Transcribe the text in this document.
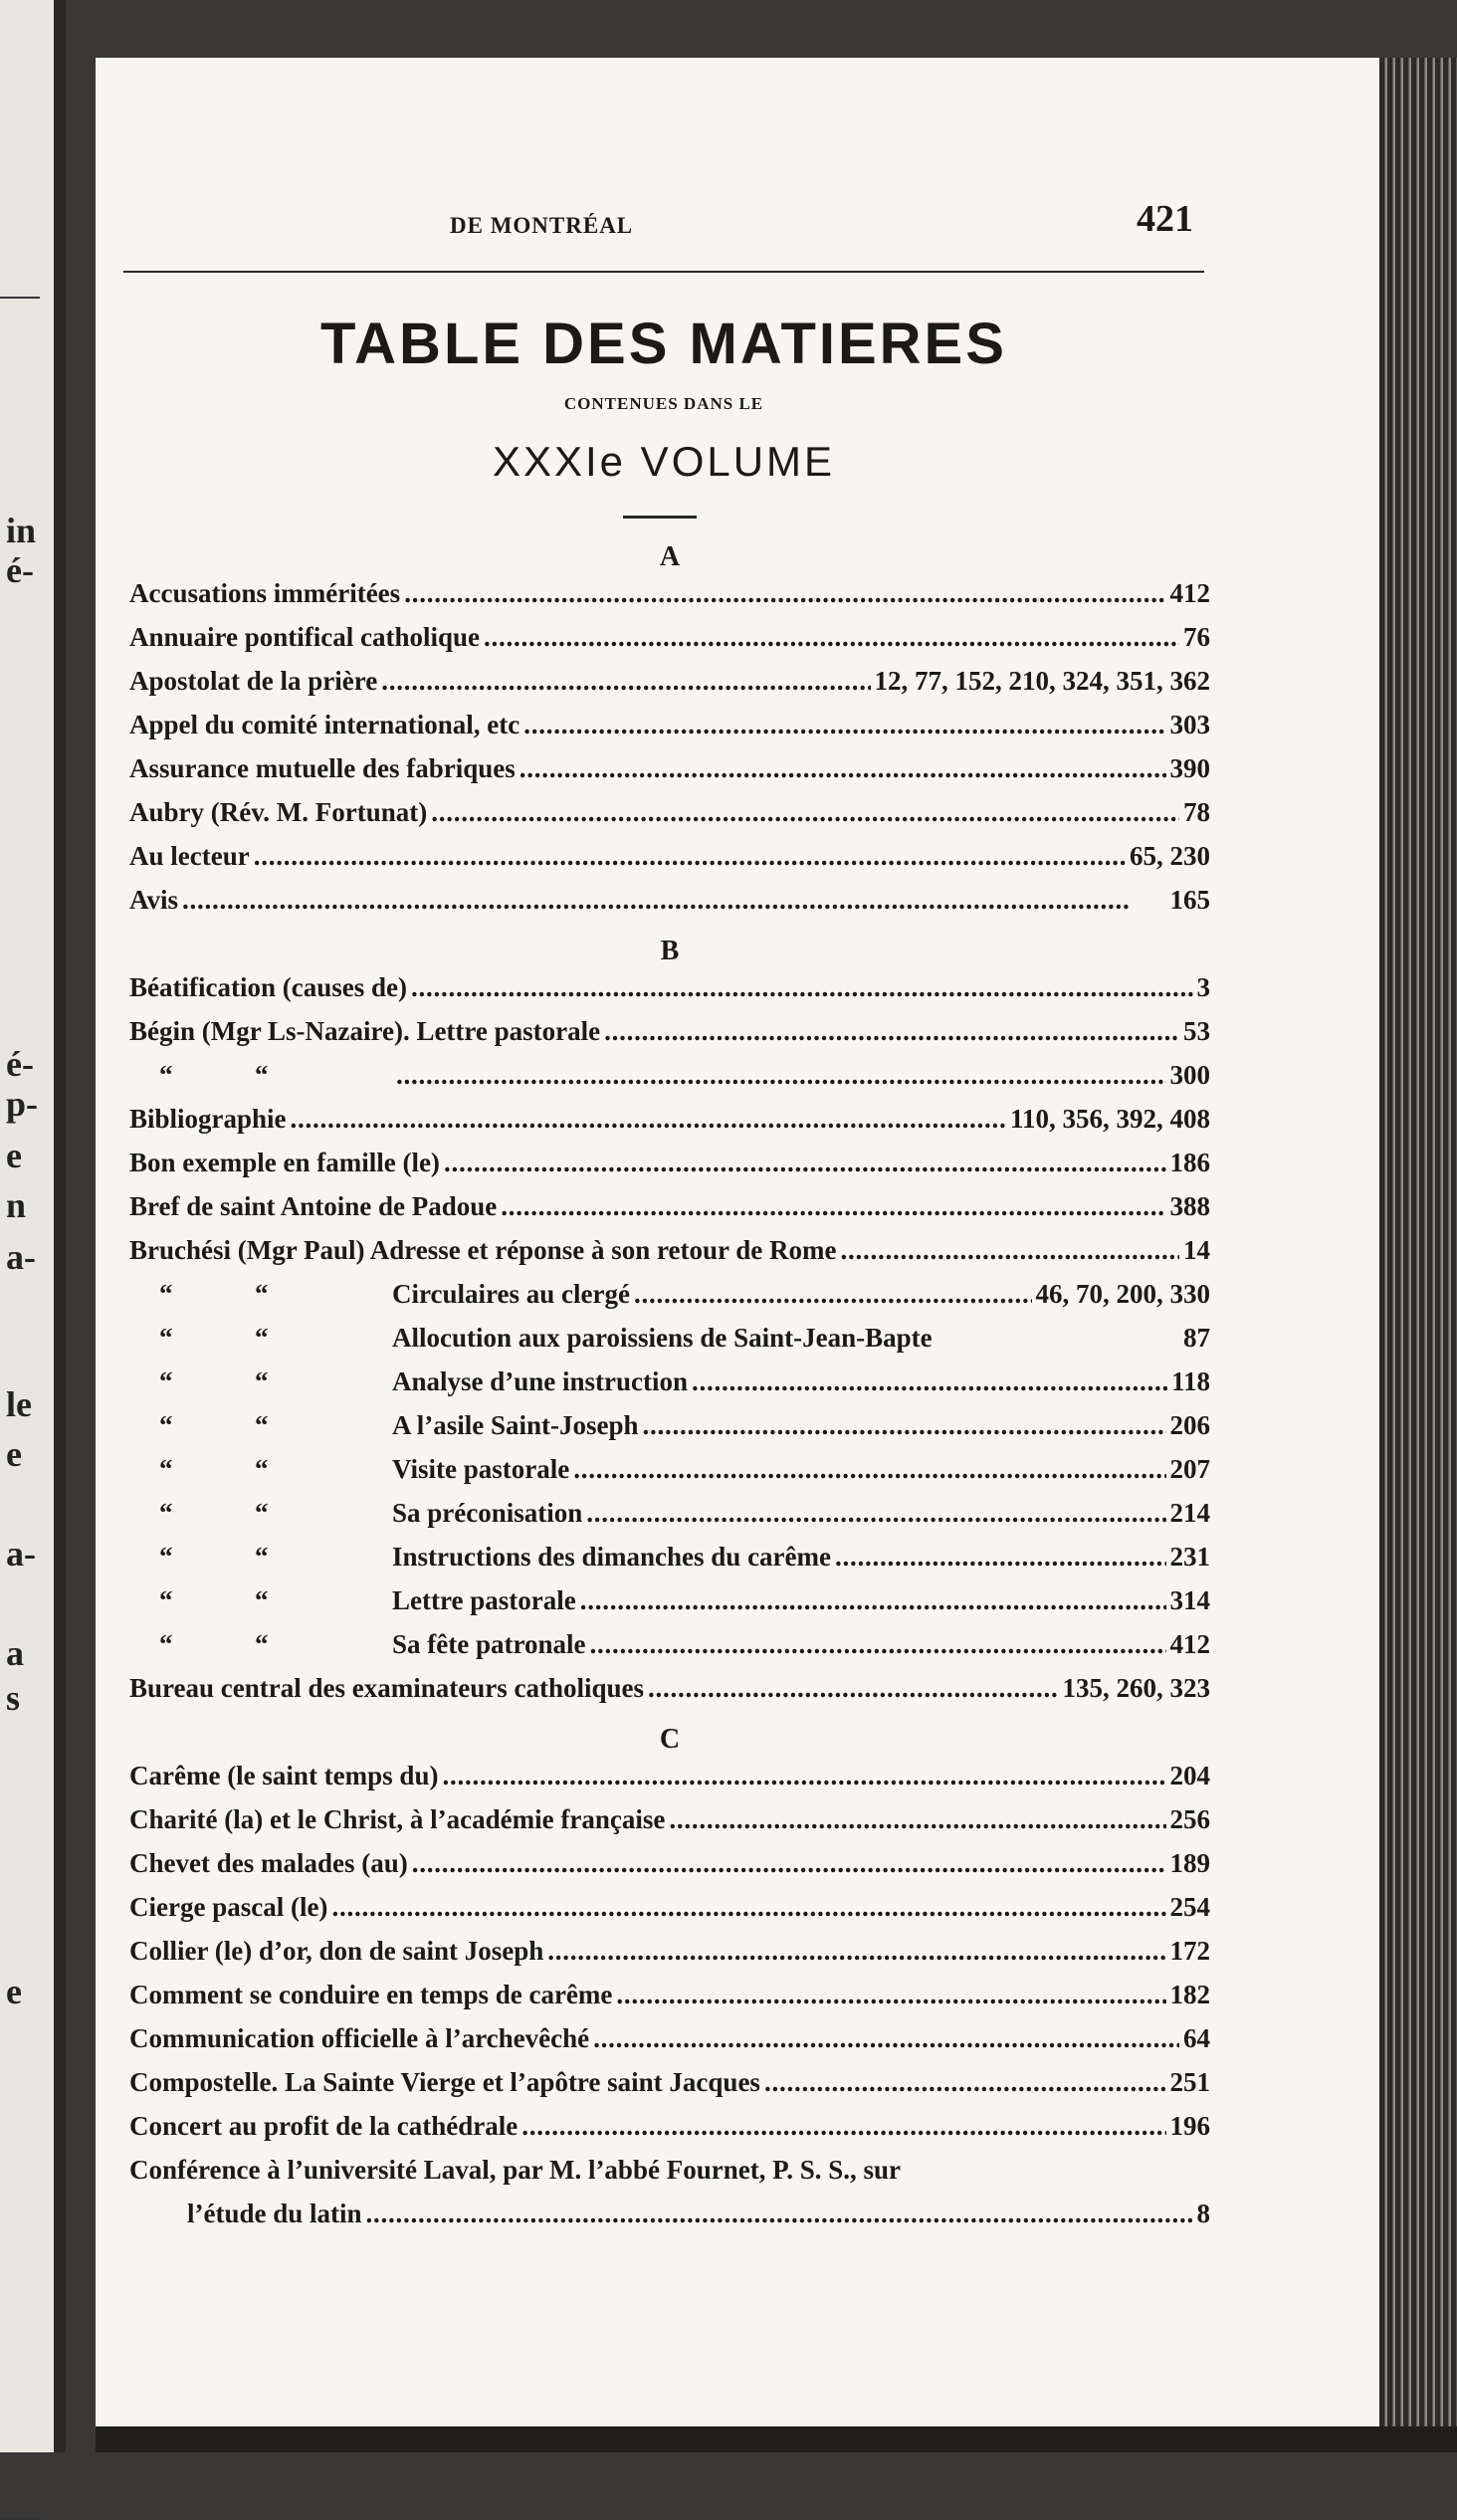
in
é-
é-
p-
e
n
a-
le
e
a-
a
s
e
DE MONTRÉAL	421
TABLE DES MATIERES
CONTENUES DANS LE
XXXIe VOLUME
A
Accusations imméritées . . .	412
Annuaire pontifical catholique . . .	76
Apostolat de la prière . . .	12, 77, 152, 210, 324, 351, 362
Appel du comité international, etc . . .	303
Assurance mutuelle des fabriques . . .	390
Aubry (Rév. M. Fortunat) . . .	78
Au lecteur . . .	65, 230
Avis . . .	165
B
Béatification (causes de) . . .	3
Bégin (Mgr Ls-Nazaire). Lettre pastorale . . .	53
“	“ . . .	300
Bibliographie . . .	110, 356, 392, 408
Bon exemple en famille (le) . . .	186
Bref de saint Antoine de Padoue . . .	388
Bruchési (Mgr Paul) Adresse et réponse à son retour de Rome . . .	14
“	“	Circulaires au clergé . . .	46, 70, 200, 330
“	“	Allocution aux paroissiens de Saint-Jean-Bapte	87
“	“	Analyse d’une instruction . . .	118
“	“	A l’asile Saint-Joseph . . .	206
“	“	Visite pastorale . . .	207
“	“	Sa préconisation . . .	214
“	“	Instructions des dimanches du carême . . .	231
“	“	Lettre pastorale . . .	314
“	“	Sa fête patronale . . .	412
Bureau central des examinateurs catholiques . . .	135, 260, 323
C
Carême (le saint temps du) . . .	204
Charité (la) et le Christ, à l’académie française . . .	256
Chevet des malades (au) . . .	189
Cierge pascal (le) . . .	254
Collier (le) d’or, don de saint Joseph . . .	172
Comment se conduire en temps de carême . . .	182
Communication officielle à l’archevêché . . .	64
Compostelle. La Sainte Vierge et l’apôtre saint Jacques . . .	251
Concert au profit de la cathédrale . . .	196
Conférence à l’université Laval, par M. l’abbé Fournet, P. S. S., sur
l’étude du latin . . .	8
